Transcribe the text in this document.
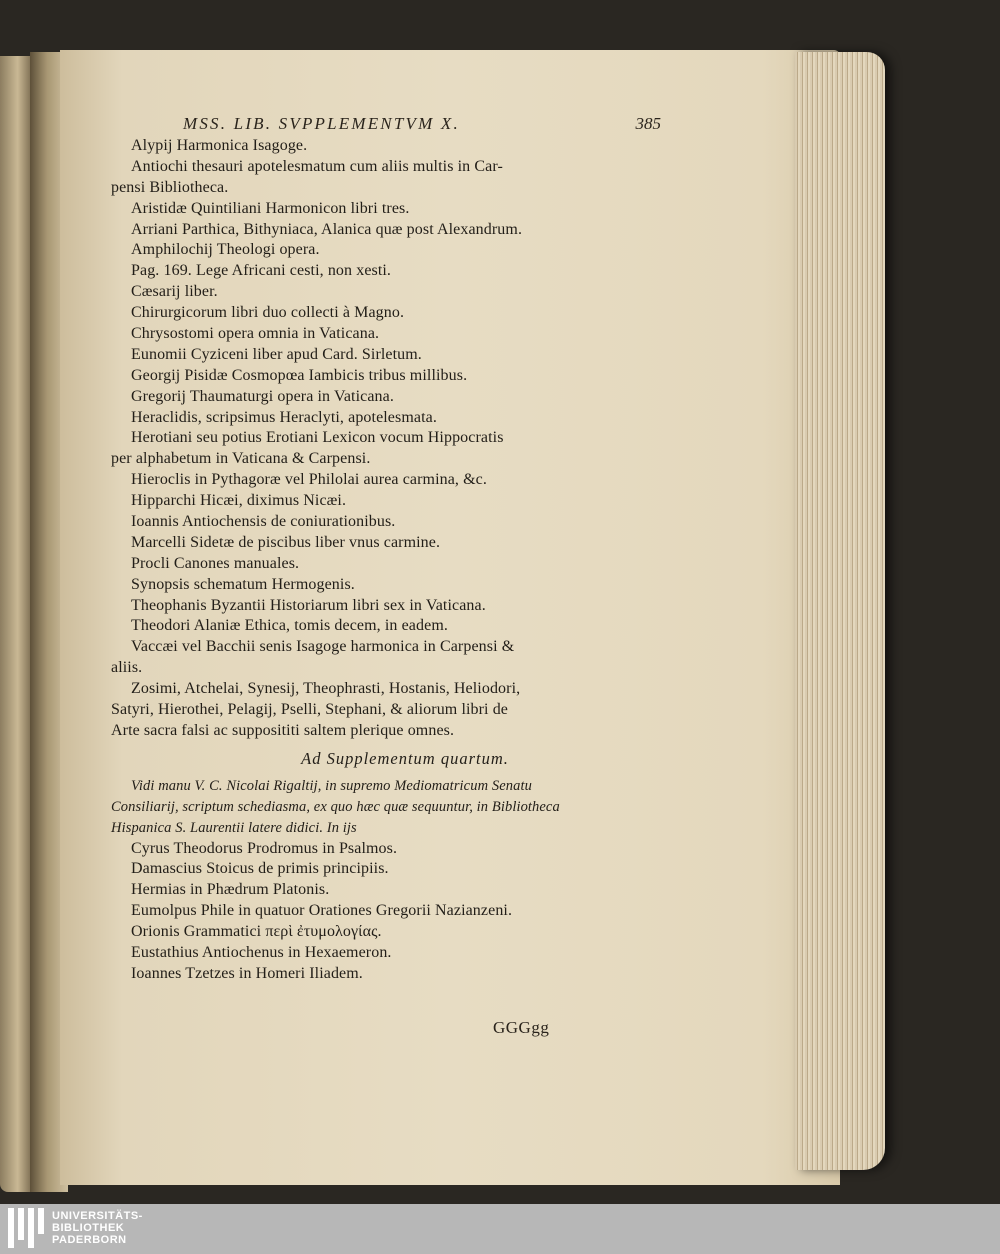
MSS. LIB. SVPPLEMENTVM X.	385
Alypij Harmonica Isagoge.
Antiochi thesauri apotelesmatum cum aliis multis in Car-
pensi Bibliotheca.
Aristidæ Quintiliani Harmonicon libri tres.
Arriani Parthica, Bithyniaca, Alanica quæ post Alexandrum.
Amphilochij Theologi opera.
Pag. 169. Lege Africani cesti, non xesti.
Cæsarij liber.
Chirurgicorum libri duo collecti à Magno.
Chrysostomi opera omnia in Vaticana.
Eunomii Cyziceni liber apud Card. Sirletum.
Georgij Pisidæ Cosmopœa Iambicis tribus millibus.
Gregorij Thaumaturgi opera in Vaticana.
Heraclidis, scripsimus Heraclyti, apotelesmata.
Herotiani seu potius Erotiani Lexicon vocum Hippocratis
per alphabetum in Vaticana & Carpensi.
Hieroclis in Pythagoræ vel Philolai aurea carmina, &c.
Hipparchi Hicæi, diximus Nicæi.
Ioannis Antiochensis de coniurationibus.
Marcelli Sidetæ de piscibus liber vnus carmine.
Procli Canones manuales.
Synopsis schematum Hermogenis.
Theophanis Byzantii Historiarum libri sex in Vaticana.
Theodori Alaniæ Ethica, tomis decem, in eadem.
Vaccæi vel Bacchii senis Isagoge harmonica in Carpensi &
aliis.
Zosimi, Atchelai, Synesij, Theophrasti, Hostanis, Heliodori,
Satyri, Hierothei, Pelagij, Pselli, Stephani, & aliorum libri de
Arte sacra falsi ac supposititi saltem plerique omnes.
Ad Supplementum quartum.
Vidi manu V. C. Nicolai Rigaltij, in supremo Mediomatricum Senatu
Consiliarij, scriptum schediasma, ex quo hæc quæ sequuntur, in Bibliotheca
Hispanica S. Laurentii latere didici. In ijs
Cyrus Theodorus Prodromus in Psalmos.
Damascius Stoicus de primis principiis.
Hermias in Phædrum Platonis.
Eumolpus Phile in quatuor Orationes Gregorii Nazianzeni.
Orionis Grammatici περὶ ἐτυμολογίας.
Eustathius Antiochenus in Hexaemeron.
Ioannes Tzetzes in Homeri Iliadem.
GGGgg
UNIVERSITÄTS-
BIBLIOTHEK
PADERBORN
